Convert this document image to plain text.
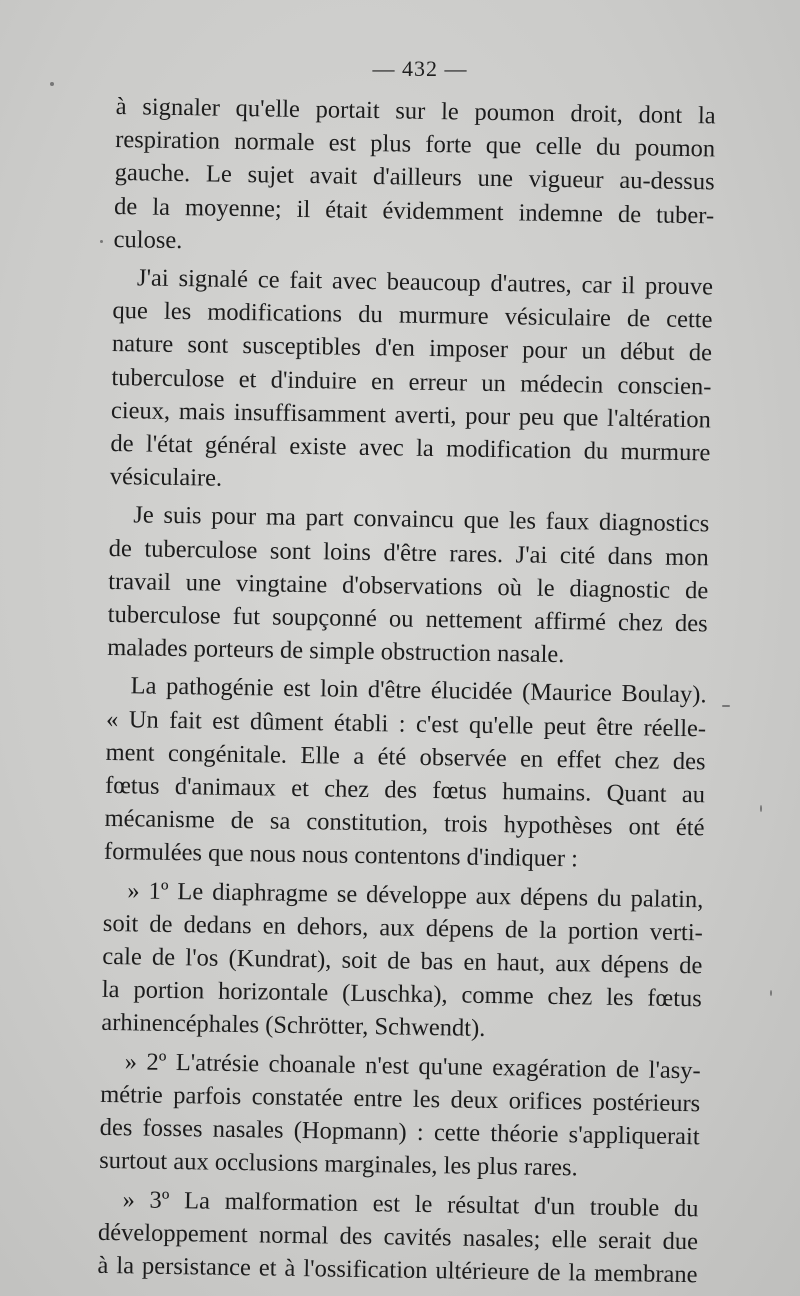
— 432 —
à signaler qu'elle portait sur le poumon droit, dont la
respiration normale est plus forte que celle du poumon
gauche. Le sujet avait d'ailleurs une vigueur au-dessus
de la moyenne; il était évidemment indemne de tuber-
culose.
J'ai signalé ce fait avec beaucoup d'autres, car il prouve
que les modifications du murmure vésiculaire de cette
nature sont susceptibles d'en imposer pour un début de
tuberculose et d'induire en erreur un médecin conscien-
cieux, mais insuffisamment averti, pour peu que l'altération
de l'état général existe avec la modification du murmure
vésiculaire.
Je suis pour ma part convaincu que les faux diagnostics
de tuberculose sont loins d'être rares. J'ai cité dans mon
travail une vingtaine d'observations où le diagnostic de
tuberculose fut soupçonné ou nettement affirmé chez des
malades porteurs de simple obstruction nasale.
La pathogénie est loin d'être élucidée (Maurice Boulay).
« Un fait est dûment établi : c'est qu'elle peut être réelle-
ment congénitale. Elle a été observée en effet chez des
fœtus d'animaux et chez des fœtus humains. Quant au
mécanisme de sa constitution, trois hypothèses ont été
formulées que nous nous contentons d'indiquer :
» 1º Le diaphragme se développe aux dépens du palatin,
soit de dedans en dehors, aux dépens de la portion verti-
cale de l'os (Kundrat), soit de bas en haut, aux dépens de
la portion horizontale (Luschka), comme chez les fœtus
arhinencéphales (Schrötter, Schwendt).
» 2º L'atrésie choanale n'est qu'une exagération de l'asy-
métrie parfois constatée entre les deux orifices postérieurs
des fosses nasales (Hopmann) : cette théorie s'appliquerait
surtout aux occlusions marginales, les plus rares.
» 3º La malformation est le résultat d'un trouble du
développement normal des cavités nasales; elle serait due
à la persistance et à l'ossification ultérieure de la membrane
